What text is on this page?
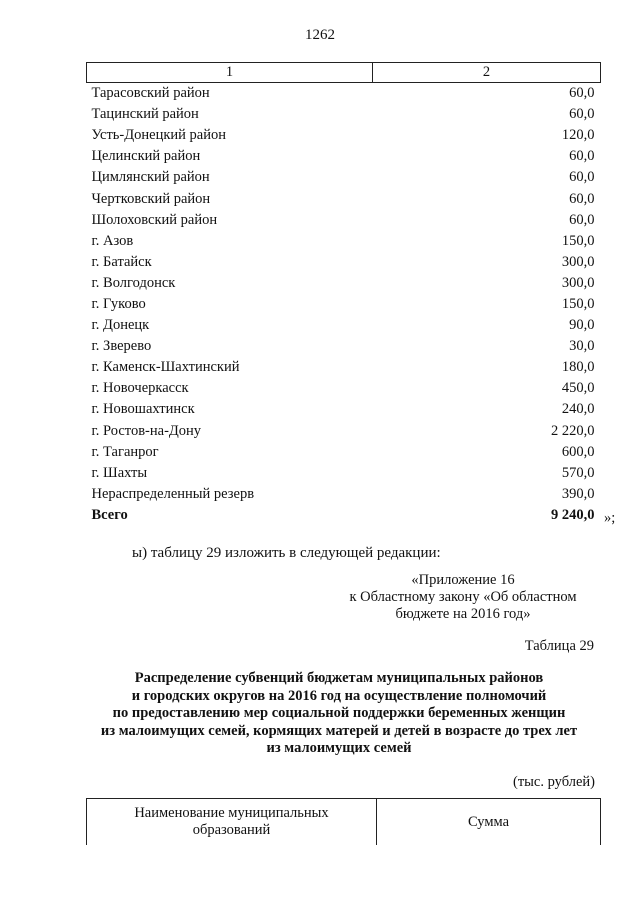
1262
1	2
Тарасовский район	60,0
Тацинский район	60,0
Усть-Донецкий район	120,0
Целинский район	60,0
Цимлянский район	60,0
Чертковский район	60,0
Шолоховский район	60,0
г. Азов	150,0
г. Батайск	300,0
г. Волгодонск	300,0
г. Гуково	150,0
г. Донецк	90,0
г. Зверево	30,0
г. Каменск-Шахтинский	180,0
г. Новочеркасск	450,0
г. Новошахтинск	240,0
г. Ростов-на-Дону	2 220,0
г. Таганрог	600,0
г. Шахты	570,0
Нераспределенный резерв	390,0
Всего	9 240,0 »;
ы) таблицу 29 изложить в следующей редакции:
«Приложение 16
к Областному закону «Об областном
бюджете на 2016 год»
Таблица 29
Распределение субвенций бюджетам муниципальных районов
и городских округов на 2016 год на осуществление полномочий
по предоставлению мер социальной поддержки беременных женщин
из малоимущих семей, кормящих матерей и детей в возрасте до трех лет
из малоимущих семей
(тыс. рублей)
Наименование муниципальных
образований
	Сумма
